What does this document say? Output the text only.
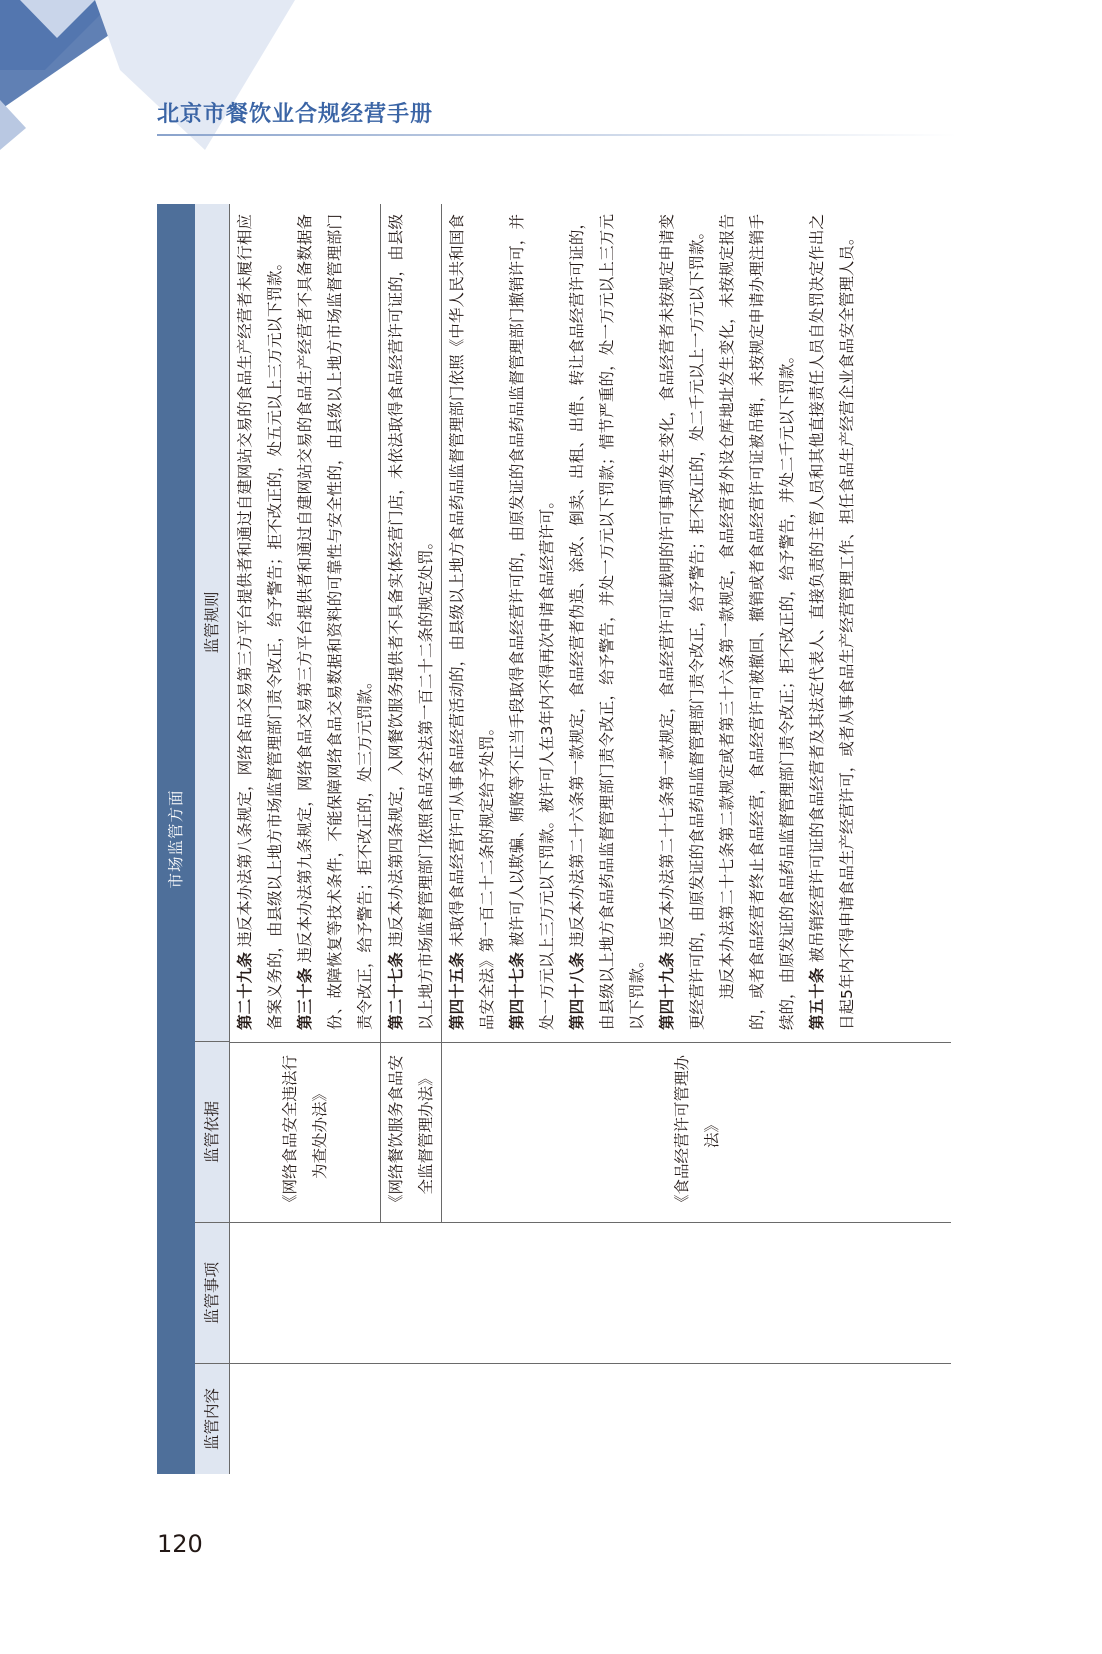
北京市餐饮业合规经营手册
市场监管方面
监管内容
监管事项
监管依据
监管规则
《网络食品安全违法行为查处办法》

第二十九条 违反本办法第八条规定，网络食品交易第三方平台提供者和通过自建网站交易的食品生产经营者未履行相应备案义务的，由县级以上地方市场监督管理部门责令改正，给予警告；拒不改正的，处五元以上三万元以下罚款。 第三十条 违反本办法第九条规定，网络食品交易第三方平台提供者和通过自建网站交易的食品生产经营者不具备数据备份、故障恢复等技术条件，不能保障网络食品交易数据和资料的可靠性与安全性的，由县级以上地方市场监督管理部门责令改正，给予警告；拒不改正的，处三万元罚款。

《网络餐饮服务食品安全监督管理办法》

第二十七条 违反本办法第四条规定，入网餐饮服务提供者不具备实体经营门店，未依法取得食品经营许可证的，由县级以上地方市场监督管理部门依照食品安全法第一百二十二条的规定处罚。

《食品经营许可管理办法》

第四十五条 未取得食品经营许可从事食品经营活动的，由县级以上地方食品药品监督管理部门依照《中华人民共和国食品安全法》第一百二十二条的规定给予处罚。 第四十七条 被许可人以欺骗、贿赂等不正当手段取得食品经营许可的，由原发证的食品药品监督管理部门撤销许可，并处一万元以上三万元以下罚款。被许可人在3年内不得再次申请食品经营许可。 第四十八条 违反本办法第二十六条第一款规定，食品经营者伪造、涂改、倒卖、出租、出借、转让食品经营许可证的，由县级以上地方食品药品监督管理部门责令改正，给予警告，并处一万元以下罚款；情节严重的，处一万元以上三万元以下罚款。 第四十九条 违反本办法第二十七条第一款规定，食品经营许可证载明的许可事项发生变化，食品经营者未按规定申请变更经营许可的，由原发证的食品药品监督管理部门责令改正，给予警告；拒不改正的，处二千元以上一万元以下罚款。 违反本办法第二十七条第二款规定或者第三十六条第一款规定，食品经营者外设仓库地址发生变化，未按规定报告的，或者食品经营者终止食品经营，食品经营许可被撤回、撤销或者食品经营许可证被吊销，未按规定申请办理注销手续的，由原发证的食品药品监督管理部门责令改正；拒不改正的，给予警告，并处二千元以下罚款。 第五十条 被吊销经营许可证的食品经营者及其法定代表人、直接负责的主管人员和其他直接责任人员自处罚决定作出之日起5年内不得申请食品生产经营许可，或者从事食品生产经营管理工作、担任食品生产经营企业食品安全管理人员。

120
